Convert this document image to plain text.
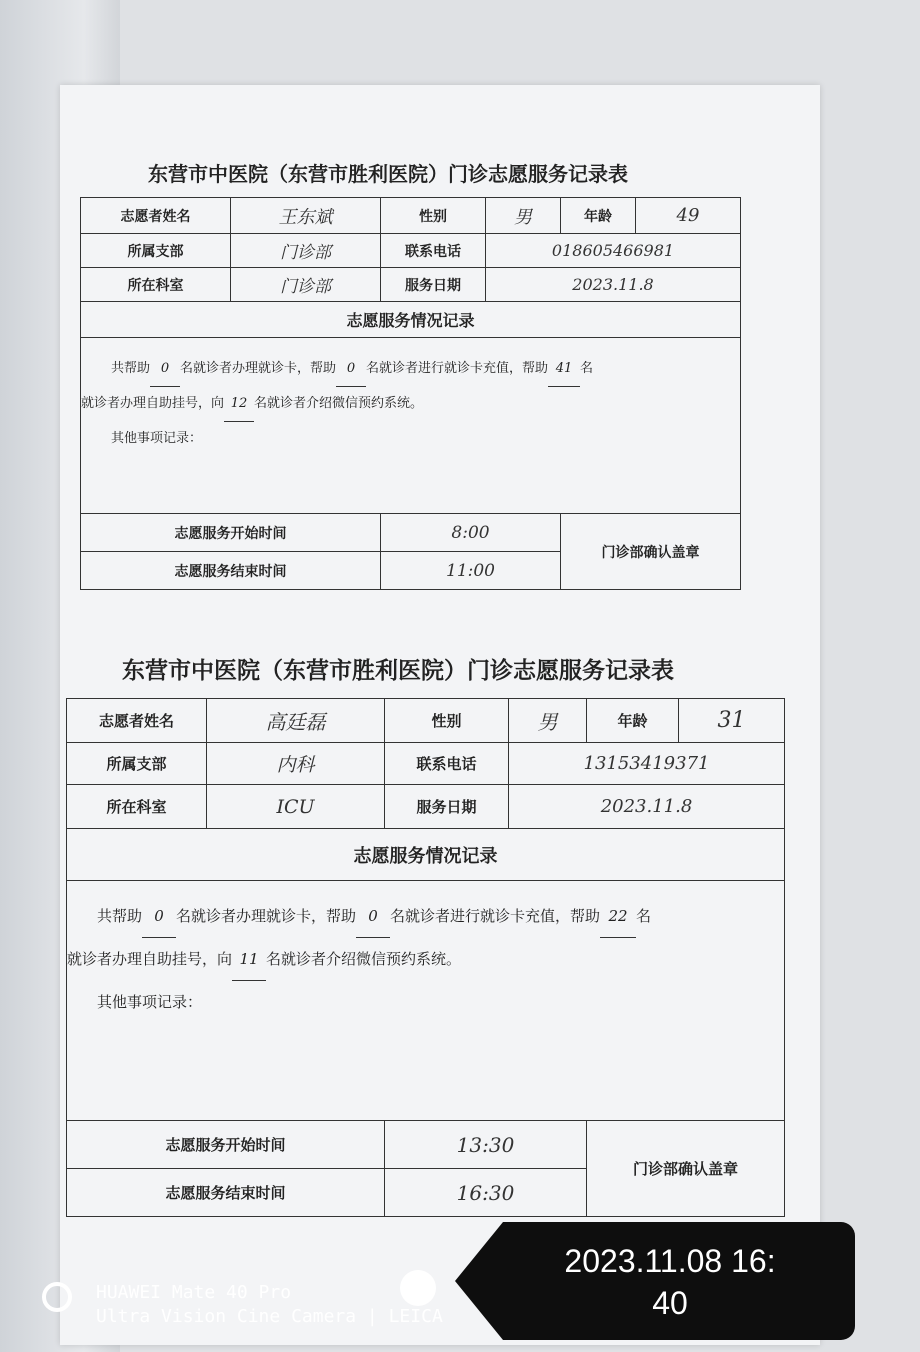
东营市中医院（东营市胜利医院）门诊志愿服务记录表
志愿者姓名	王东斌	性别	男	年龄	49
所属支部	门诊部	联系电话	018605466981		
所在科室	门诊部	服务日期	2023.11.8		
志愿服务情况记录					

共帮助 0 名就诊者办理就诊卡，帮助 0 名就诊者进行就诊卡充值，帮助 41 名
就诊者办理自助挂号，向 12 名就诊者介绍微信预约系统。
其他事项记录：					

志愿服务开始时间		8:00		门诊部确认盖章	
志愿服务结束时间		11:00			
东营市中医院（东营市胜利医院）门诊志愿服务记录表
志愿者姓名	高廷磊	性别	男	年龄	31
所属支部	内科	联系电话	13153419371		
所在科室	ICU	服务日期	2023.11.8		
志愿服务情况记录					

共帮助 0 名就诊者办理就诊卡，帮助 0 名就诊者进行就诊卡充值，帮助 22 名
就诊者办理自助挂号，向 11 名就诊者介绍微信预约系统。
其他事项记录：					

志愿服务开始时间		13:30		门诊部确认盖章	
志愿服务结束时间		16:30			
HUAWEI Mate 40 Pro
Ultra Vision Cine Camera | LEICA
2023.11.08 16:
40
